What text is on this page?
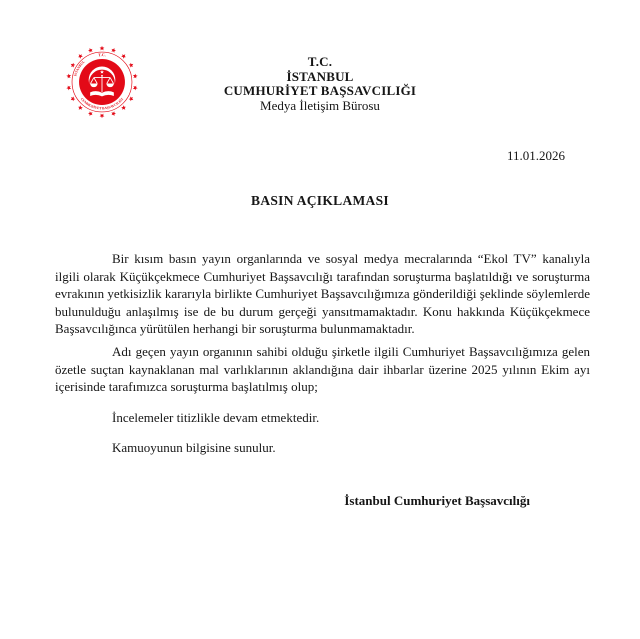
T.C.
İSTANBUL
CUMHURİYET BAŞSAVCILIĞI
T.C.
İSTANBUL
CUMHURİYET BAŞSAVCILIĞI
Medya İletişim Bürosu
11.01.2026
BASIN AÇIKLAMASI

Bir kısım basın yayın organlarında ve sosyal medya mecralarında “Ekol TV” kanalıyla ilgili olarak Küçükçekmece Cumhuriyet Başsavcılığı tarafından soruşturma başlatıldığı ve soruşturma evrakının yetkisizlik kararıyla birlikte Cumhuriyet Başsavcılığımıza gönderildiği şeklinde söylemlerde bulunulduğu anlaşılmış ise de bu durum gerçeği yansıtmamaktadır. Konu hakkında Küçükçekmece Başsavcılığınca yürütülen herhangi bir soruşturma bulunmamaktadır.

Adı geçen yayın organının sahibi olduğu şirketle ilgili Cumhuriyet Başsavcılığımıza gelen özetle suçtan kaynaklanan mal varlıklarının aklandığına dair ihbarlar üzerine 2025 yılının Ekim ayı içerisinde tarafımızca soruşturma başlatılmış olup;

İncelemeler titizlikle devam etmektedir.

Kamuoyunun bilgisine sunulur.

İstanbul Cumhuriyet Başsavcılığı
